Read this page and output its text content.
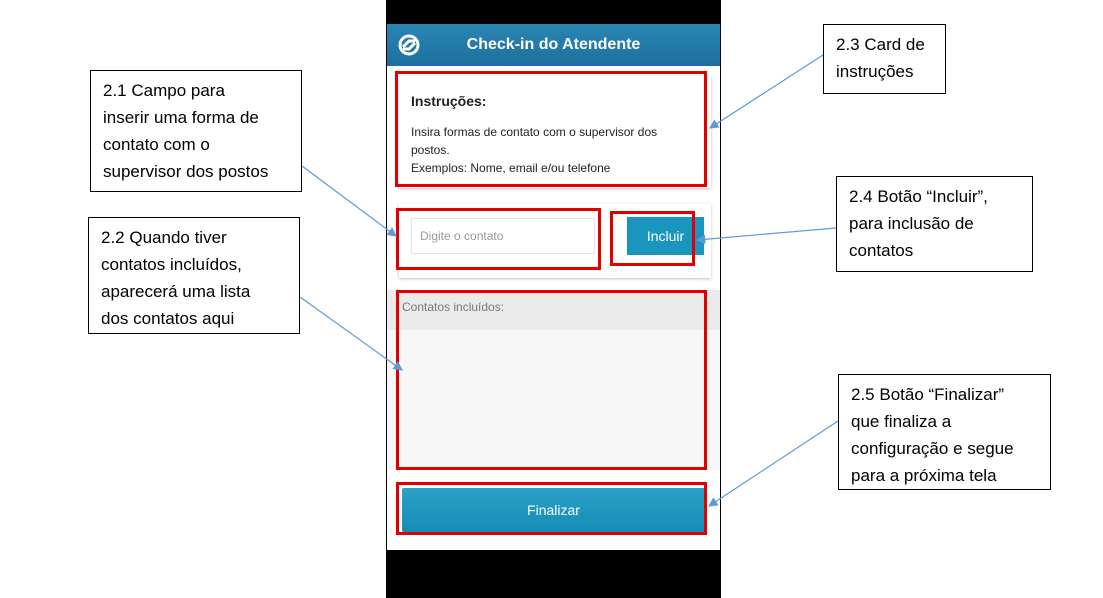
Check-in do Atendente
Instruções:
Insira formas de contato com o supervisor dos
postos.
Exemplos: Nome, email e/ou telefone
Digite o contato	Incluir
Contatos incluídos:
Finalizar
2.1 Campo para
inserir uma forma de
contato com o
supervisor dos postos
2.2 Quando tiver
contatos incluídos,
aparecerá uma lista
dos contatos aqui
2.3 Card de
instruções
2.4 Botão “Incluir”,
para inclusão de
contatos
2.5 Botão “Finalizar”
que finaliza a
configuração e segue
para a próxima tela
